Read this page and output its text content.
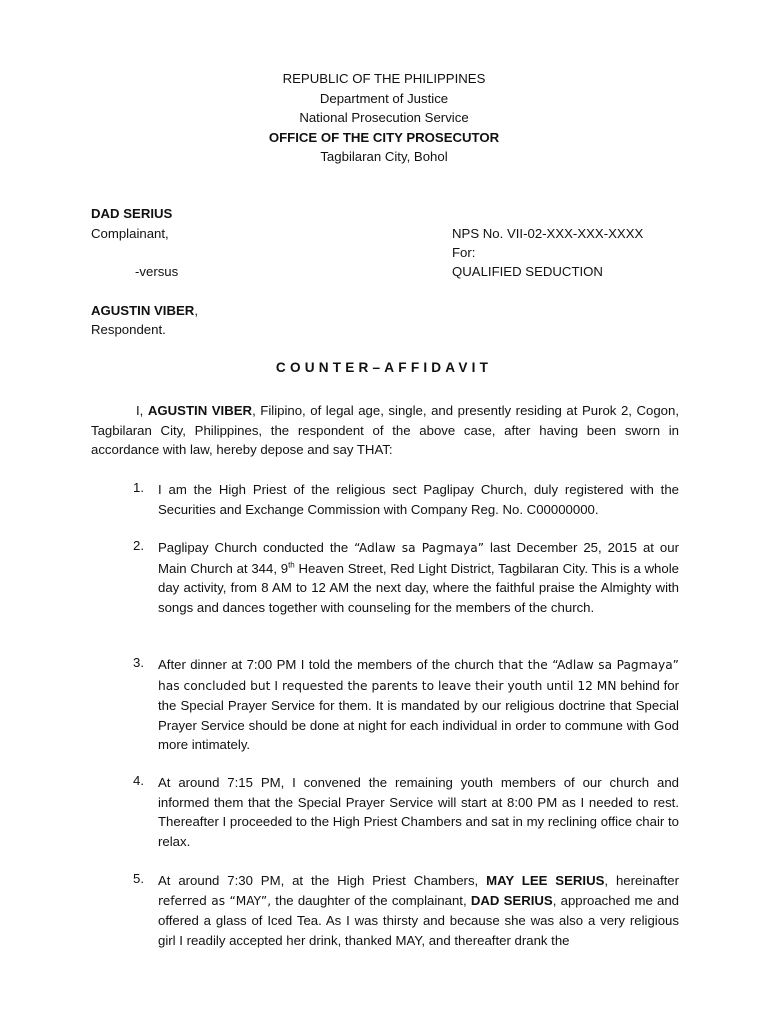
REPUBLIC OF THE PHILIPPINES
Department of Justice
National Prosecution Service
OFFICE OF THE CITY PROSECUTOR
Tagbilaran City, Bohol
DAD SERIUS
Complainant,
-versus
AGUSTIN VIBER,
Respondent.
NPS No. VII-02-XXX-XXX-XXXX
For:
QUALIFIED SEDUCTION
COUNTER–AFFIDAVIT
I, AGUSTIN VIBER, Filipino, of legal age, single, and presently residing at Purok 2, Cogon, Tagbilaran City, Philippines, the respondent of the above case, after having been sworn in accordance with law, hereby depose and say THAT:
1.	I am the High Priest of the religious sect Paglipay Church, duly registered with the Securities and Exchange Commission with Company Reg. No. C00000000.
2.	Paglipay Church conducted the “Adlaw sa Pagmaya” last December 25, 2015 at our Main Church at 344, 9th Heaven Street, Red Light District, Tagbilaran City. This is a whole day activity, from 8 AM to 12 AM the next day, where the faithful praise the Almighty with songs and dances together with counseling for the members of the church.
3.	After dinner at 7:00 PM I told the members of the church that the “Adlaw sa Pagmaya” has concluded but I requested the parents to leave their youth until 12 MN behind for the Special Prayer Service for them. It is mandated by our religious doctrine that Special Prayer Service should be done at night for each individual in order to commune with God more intimately.
4.	At around 7:15 PM, I convened the remaining youth members of our church and informed them that the Special Prayer Service will start at 8:00 PM as I needed to rest. Thereafter I proceeded to the High Priest Chambers and sat in my reclining office chair to relax.
5.	At around 7:30 PM, at the High Priest Chambers, MAY LEE SERIUS, hereinafter referred as “MAY”, the daughter of the complainant, DAD SERIUS, approached me and offered a glass of Iced Tea. As I was thirsty and because she was also a very religious girl I readily accepted her drink, thanked MAY, and thereafter drank the
